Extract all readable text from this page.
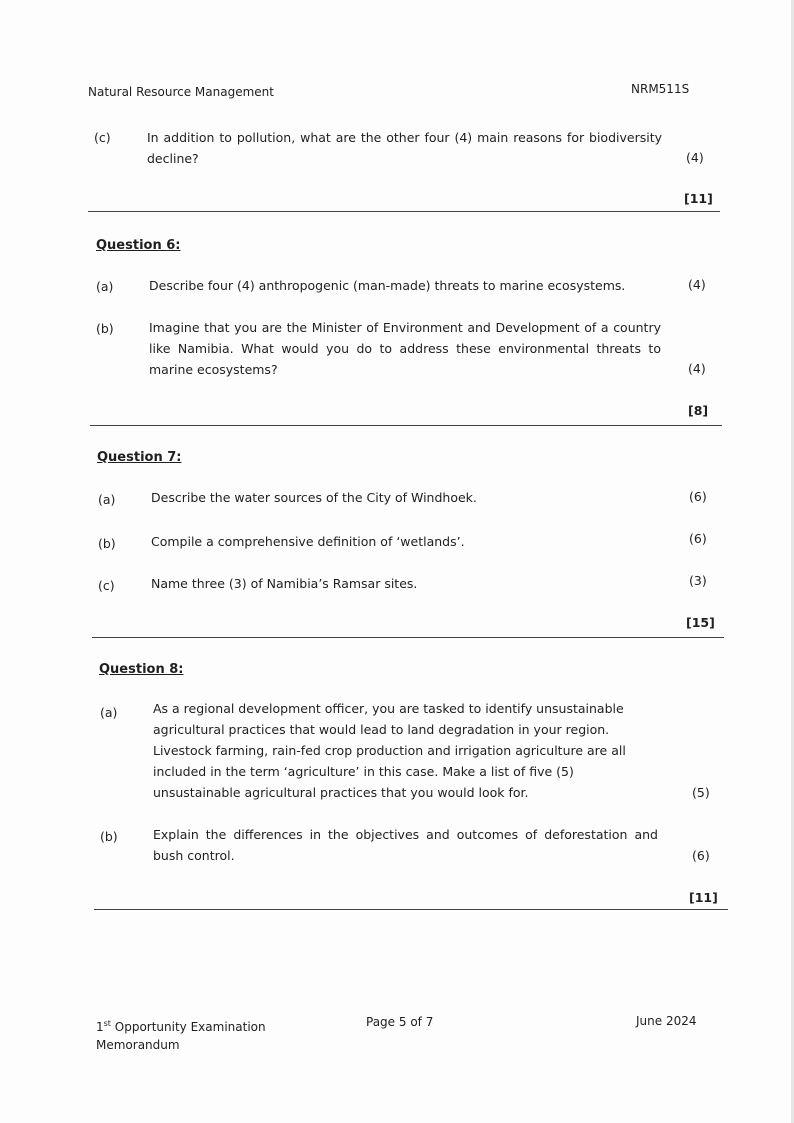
Natural Resource Management	NRM511S
(c)	In addition to pollution, what are the other four (4) main reasons for biodiversity decline?	(4)
[11]
Question 6:
(a)	Describe four (4) anthropogenic (man-made) threats to marine ecosystems.	(4)
(b)	Imagine that you are the Minister of Environment and Development of a country like Namibia. What would you do to address these environmental threats to marine ecosystems?	(4)
[8]
Question 7:
(a)	Describe the water sources of the City of Windhoek.	(6)
(b)	Compile a comprehensive definition of ‘wetlands’.	(6)
(c)	Name three (3) of Namibia’s Ramsar sites.	(3)
[15]
Question 8:
(a)	As a regional development officer, you are tasked to identify unsustainable agricultural practices that would lead to land degradation in your region. Livestock farming, rain-fed crop production and irrigation agriculture are all included in the term ‘agriculture’ in this case. Make a list of five (5) unsustainable agricultural practices that you would look for.	(5)
(b)	Explain the differences in the objectives and outcomes of deforestation and bush control.	(6)
[11]
1st Opportunity Examination
Memorandum
Page 5 of 7	June 2024
